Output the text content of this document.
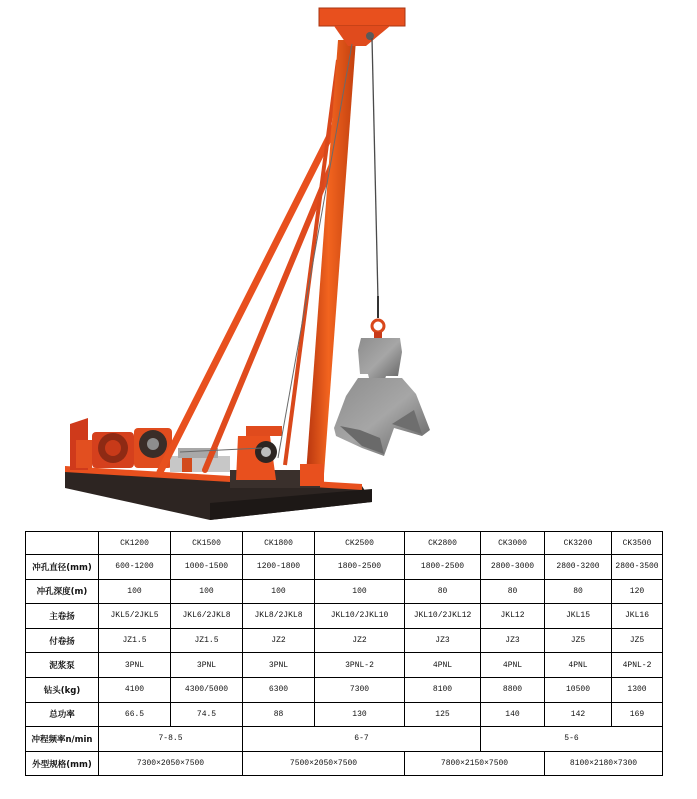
	CK1200	CK1500	CK1800	CK2500	CK2800	CK3000	CK3200	CK3500
冲孔直径(mm)	600-1200	1000-1500	1200-1800	1800-2500	1800-2500	2800-3000	2800-3200	2800-3500
冲孔深度(m)	100	100	100	100	80	80	80	120
主卷扬	JKL5/2JKL5	JKL6/2JKL8	JKL8/2JKL8	JKL10/2JKL10	JKL10/2JKL12	JKL12	JKL15	JKL16
付卷扬	JZ1.5	JZ1.5	JZ2	JZ2	JZ3	JZ3	JZ5	JZ5
泥浆泵	3PNL	3PNL	3PNL	3PNL-2	4PNL	4PNL	4PNL	4PNL-2
钻头(kg)	4100	4300/5000	6300	7300	8100	8800	10500	1300
总功率	66.5	74.5	88	130	125	140	142	169
冲程频率n/min	7-8.5		6-7			5-6		
外型规格(mm)	7300×2050×7500		7500×2050×7500		7800×2150×7500		8100×2180×7300	
